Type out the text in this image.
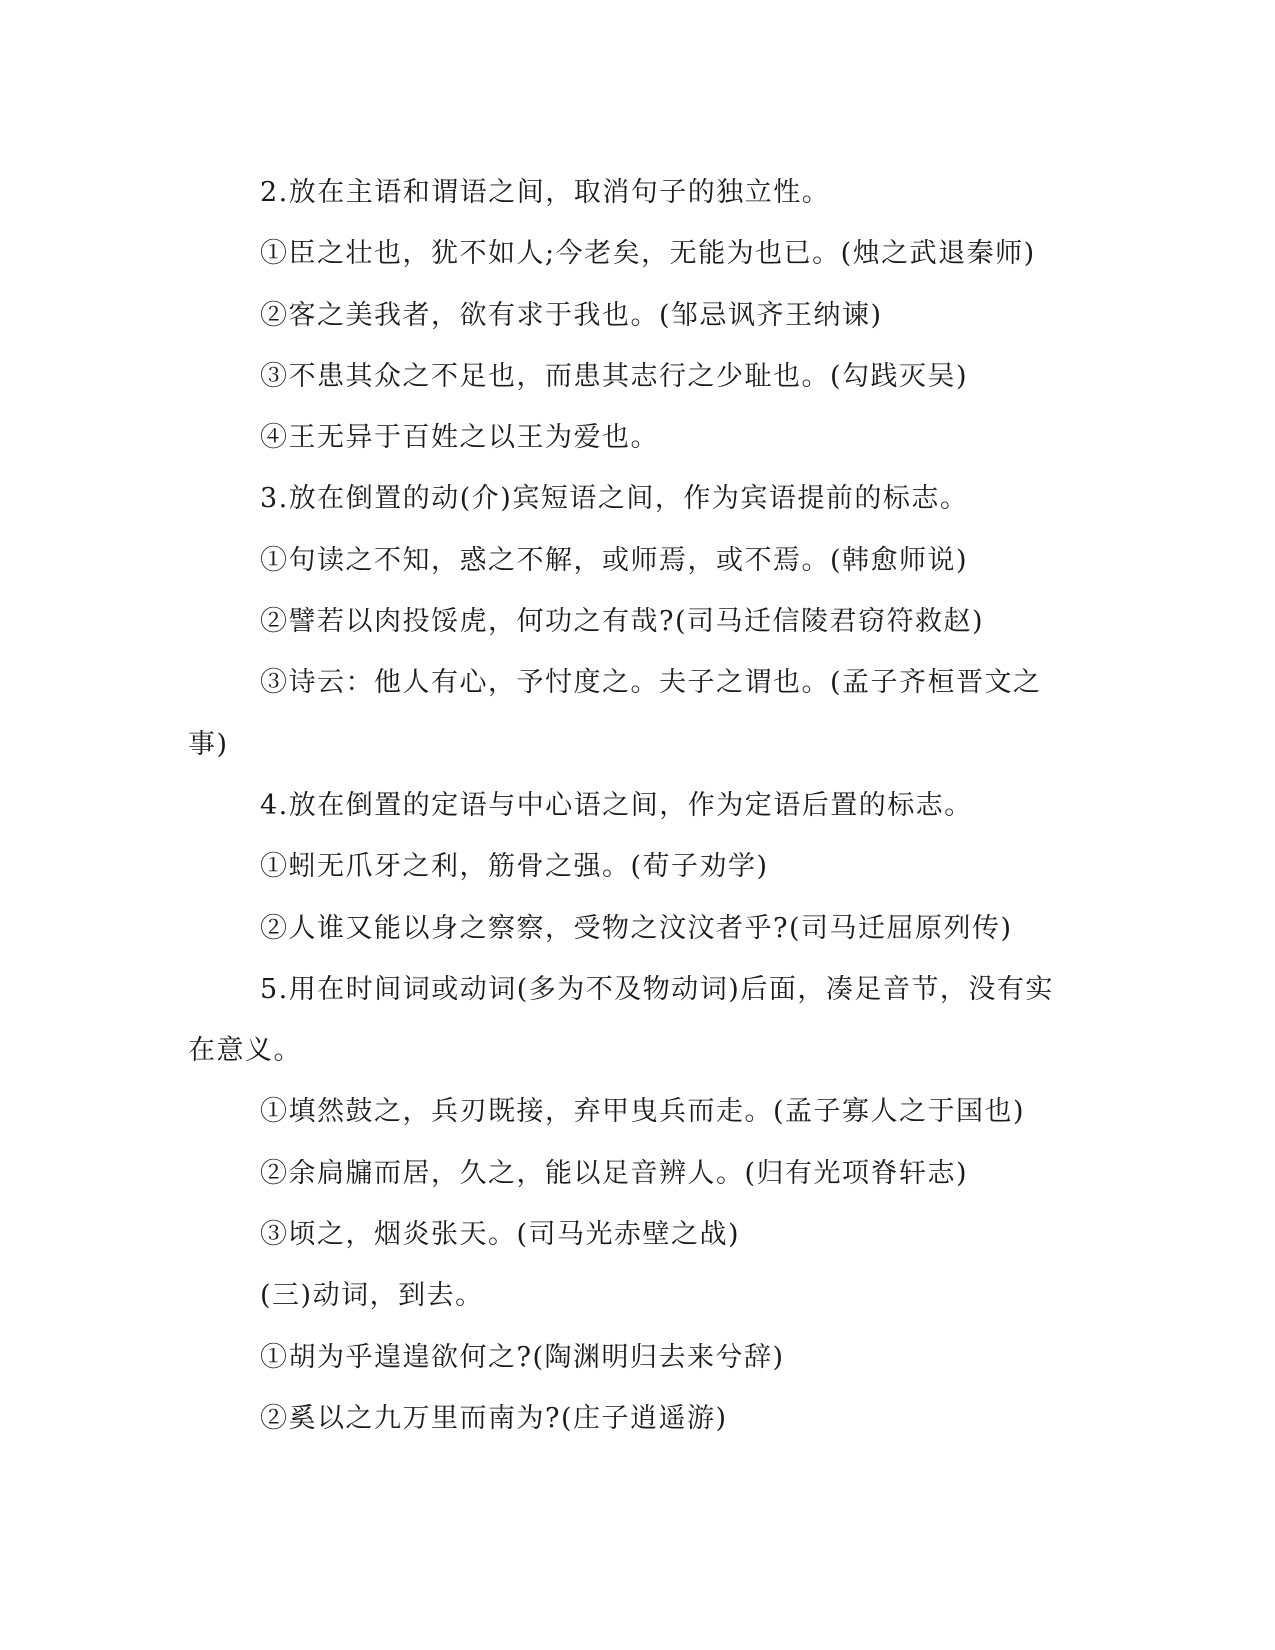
2.放在主语和谓语之间，取消句子的独立性。

①臣之壮也，犹不如人;今老矣，无能为也已。(烛之武退秦师)

②客之美我者，欲有求于我也。(邹忌讽齐王纳谏)

③不患其众之不足也，而患其志行之少耻也。(勾践灭吴)

④王无异于百姓之以王为爱也。

3.放在倒置的动(介)宾短语之间，作为宾语提前的标志。

①句读之不知，惑之不解，或师焉，或不焉。(韩愈师说)

②譬若以肉投馁虎，何功之有哉?(司马迁信陵君窃符救赵)

③诗云：他人有心，予忖度之。夫子之谓也。(孟子齐桓晋文之事)

4.放在倒置的定语与中心语之间，作为定语后置的标志。

①蚓无爪牙之利，筋骨之强。(荀子劝学)

②人谁又能以身之察察，受物之汶汶者乎?(司马迁屈原列传)

5.用在时间词或动词(多为不及物动词)后面，凑足音节，没有实在意义。

①填然鼓之，兵刃既接，弃甲曳兵而走。(孟子寡人之于国也)

②余扃牖而居，久之，能以足音辨人。(归有光项脊轩志)

③顷之，烟炎张天。(司马光赤壁之战)

(三)动词，到去。

①胡为乎遑遑欲何之?(陶渊明归去来兮辞)

②奚以之九万里而南为?(庄子逍遥游)
